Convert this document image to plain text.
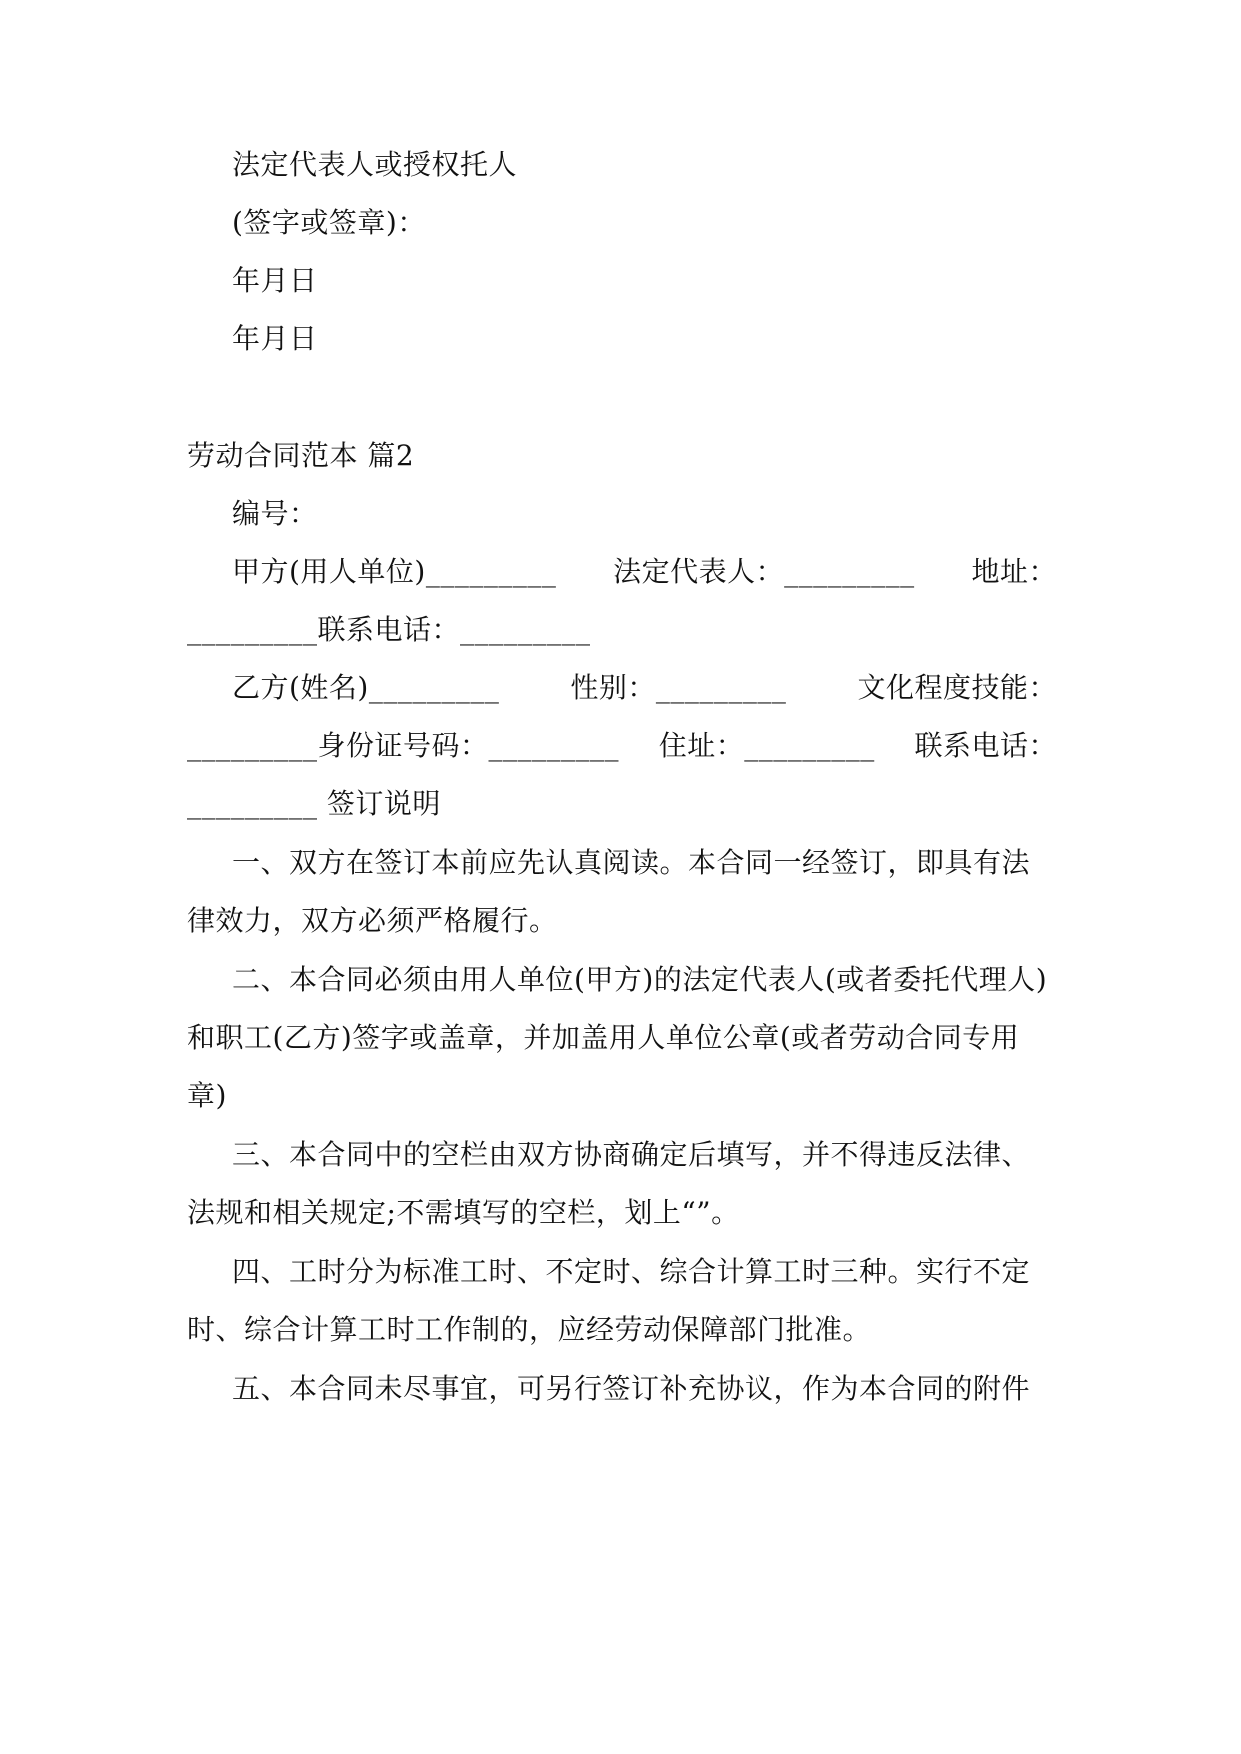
法定代表人或授权托人
(签字或签章)：
年月日
年月日
劳动合同范本 篇2
编号：
甲方(用人单位)_________ 法定代表人：_________ 地址：
_________联系电话：_________
乙方(姓名)_________	性别：_________	文化程度技能：
_________身份证号码：_________ 住址：_________ 联系电话：
_________ 签订说明
一、双方在签订本前应先认真阅读。本合同一经签订，即具有法
律效力，双方必须严格履行。
二、本合同必须由用人单位(甲方)的法定代表人(或者委托代理人)
和职工(乙方)签字或盖章，并加盖用人单位公章(或者劳动合同专用
章)
三、本合同中的空栏由双方协商确定后填写，并不得违反法律、
法规和相关规定;不需填写的空栏，划上“”。
四、工时分为标准工时、不定时、综合计算工时三种。实行不定
时、综合计算工时工作制的，应经劳动保障部门批准。
五、本合同未尽事宜，可另行签订补充协议，作为本合同的附件
